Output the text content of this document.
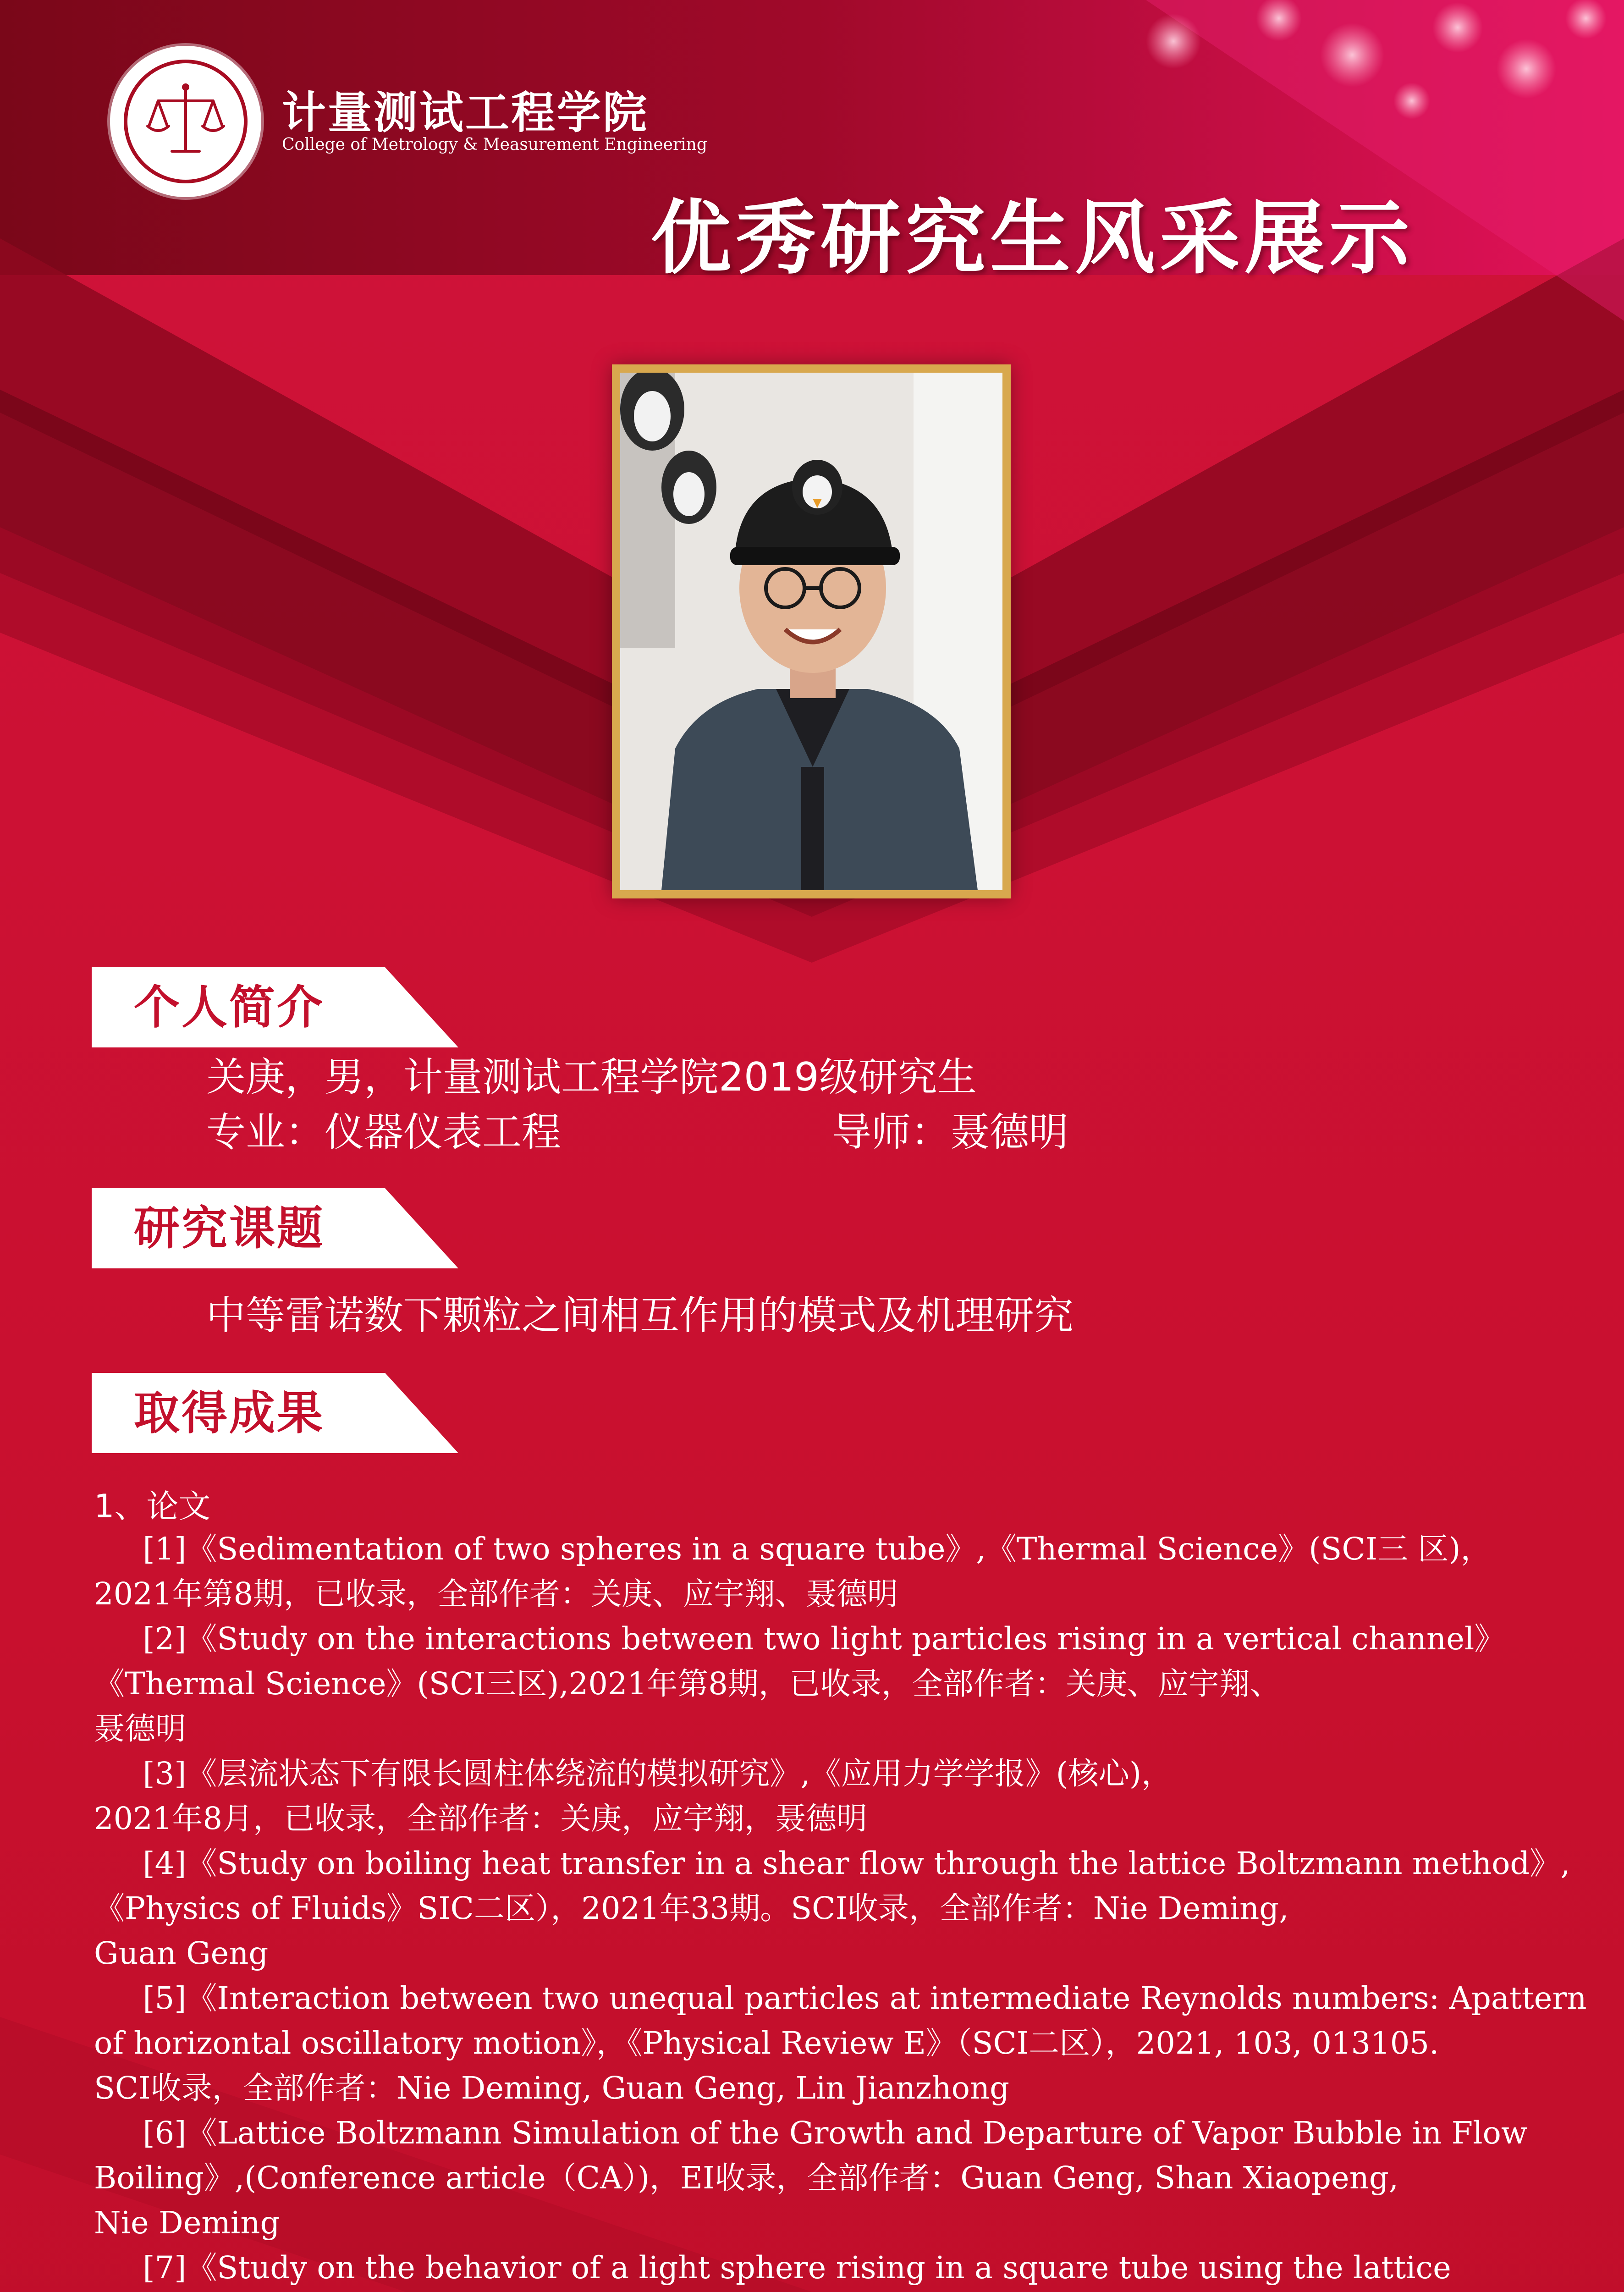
计量测试工程学院
College of Metrology & Measurement Engineering
优秀研究生风采展示
个人简介
关庚，男，计量测试工程学院2019级研究生
专业：仪器仪表工程	导师：聂德明
研究课题
中等雷诺数下颗粒之间相互作用的模式及机理研究
取得成果
1、论文
[1]《Sedimentation of two spheres in a square tube》,《Thermal Science》(SCI三 区)，
2021年第8期，已收录，全部作者：关庚、应宇翔、聂德明
[2]《Study on the interactions between two light particles rising in a vertical channel》
《Thermal Science》(SCI三区),2021年第8期，已收录，全部作者：关庚、应宇翔、
聂德明
[3]《层流状态下有限长圆柱体绕流的模拟研究》,《应用力学学报》(核心)，
2021年8月，已收录，全部作者：关庚，应宇翔，聂德明
[4]《Study on boiling heat transfer in a shear flow through the lattice Boltzmann method》,
《Physics of Fluids》SIC二区），2021年33期。SCI收录，全部作者：Nie Deming,
Guan Geng
[5]《Interaction between two unequal particles at intermediate Reynolds numbers: Apattern
of horizontal oscillatory motion》，《Physical Review E》（SCI二区），2021, 103, 013105.
SCI收录，全部作者：Nie Deming, Guan Geng, Lin Jianzhong
[6]《Lattice Boltzmann Simulation of the Growth and Departure of Vapor Bubble in Flow
Boiling》,(Conference article（CA）)，EI收录，全部作者：Guan Geng, Shan Xiaopeng,
Nie Deming
[7]《Study on the behavior of a light sphere rising in a square tube using the lattice
